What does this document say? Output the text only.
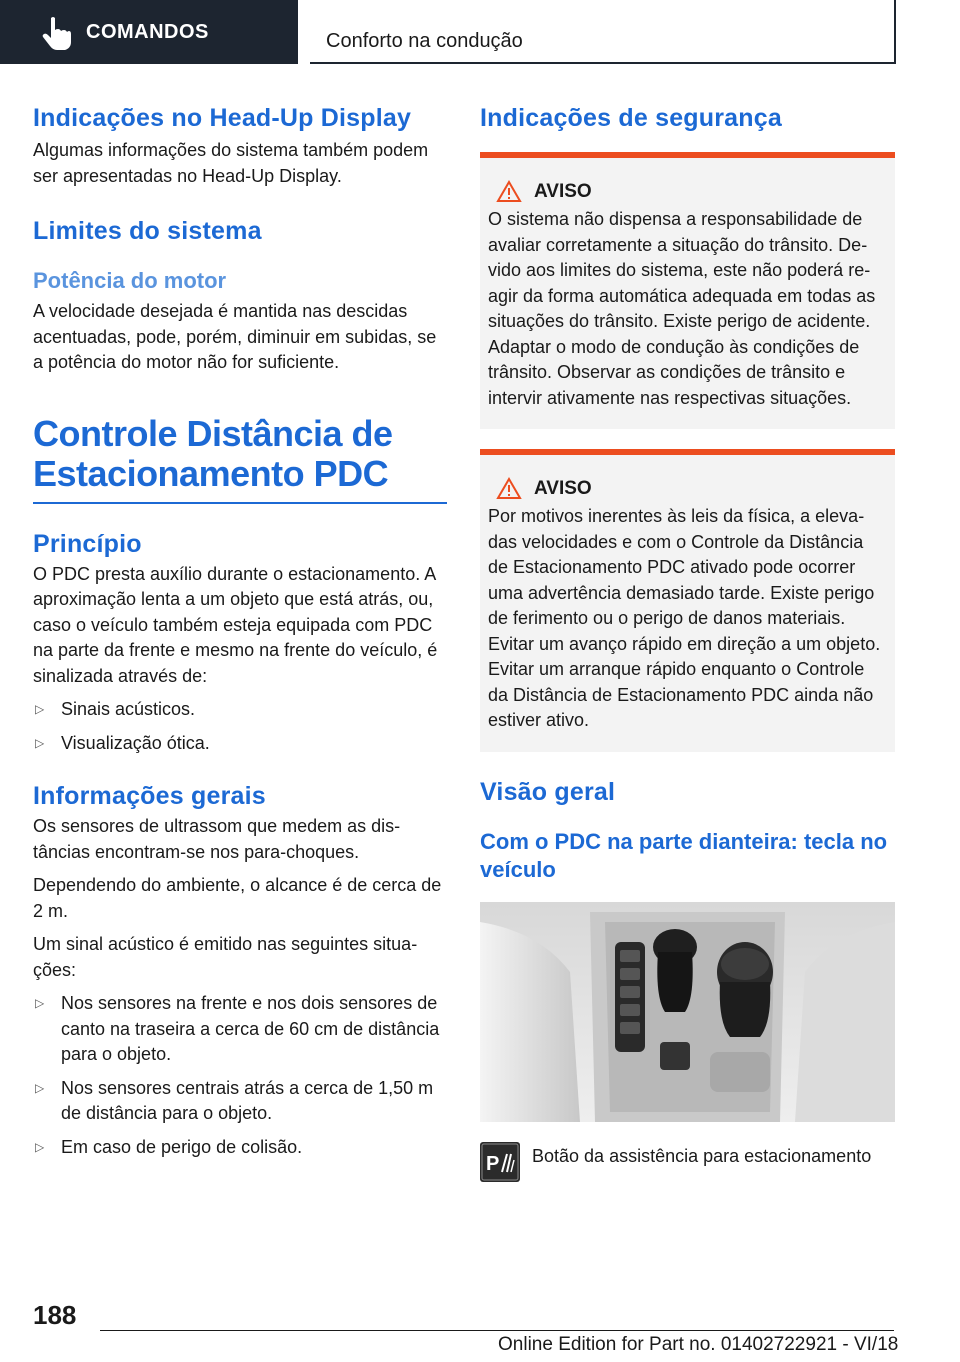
COMANDOS	Conforto na condução
Indicações no Head-Up Display

Algumas informações do sistema também podem ser apresentadas no Head-Up Display.

Limites do sistema
Potência do motor

A velocidade desejada é mantida nas descidas acentuadas, pode, porém, diminuir em subidas, se a potência do motor não for suficiente.

Controle Distância de
Estacionamento PDC
Princípio

O PDC presta auxílio durante o estacionamento. A aproximação lenta a um objeto que está atrás, ou, caso o veículo também esteja equipada com PDC na parte da frente e mesmo na frente do veículo, é sinalizada através de:

▷ Sinais acústicos.
▷ Visualização ótica.
Informações gerais

Os sensores de ultrassom que medem as distâncias encontram-se nos para-choques.

Dependendo do ambiente, o alcance é de cerca de 2 m.

Um sinal acústico é emitido nas seguintes situações:

▷ Nos sensores na frente e nos dois sensores de canto na traseira a cerca de 60 cm de distância para o objeto.
▷ Nos sensores centrais atrás a cerca de 1,50 m de distância para o objeto.
▷ Em caso de perigo de colisão.
Indicações de segurança
AVISO

O sistema não dispensa a responsabilidade de avaliar corretamente a situação do trânsito. Devido aos limites do sistema, este não poderá reagir da forma automática adequada em todas as situações do trânsito. Existe perigo de acidente. Adaptar o modo de condução às condições de trânsito. Observar as condições de trânsito e intervir ativamente nas respectivas situações.

AVISO

Por motivos inerentes às leis da física, a elevadas velocidades e com o Controle da Distância de Estacionamento PDC ativado pode ocorrer uma advertência demasiado tarde. Existe perigo de ferimento ou o perigo de danos materiais. Evitar um avanço rápido em direção a um objeto. Evitar um arranque rápido enquanto o Controle da Distância de Estacionamento PDC ainda não estiver ativo.

Visão geral
Com o PDC na parte dianteira: tecla no veículo
P Botão da assistência para estacionamento

188
Online Edition for Part no. 01402722921 - VI/18
